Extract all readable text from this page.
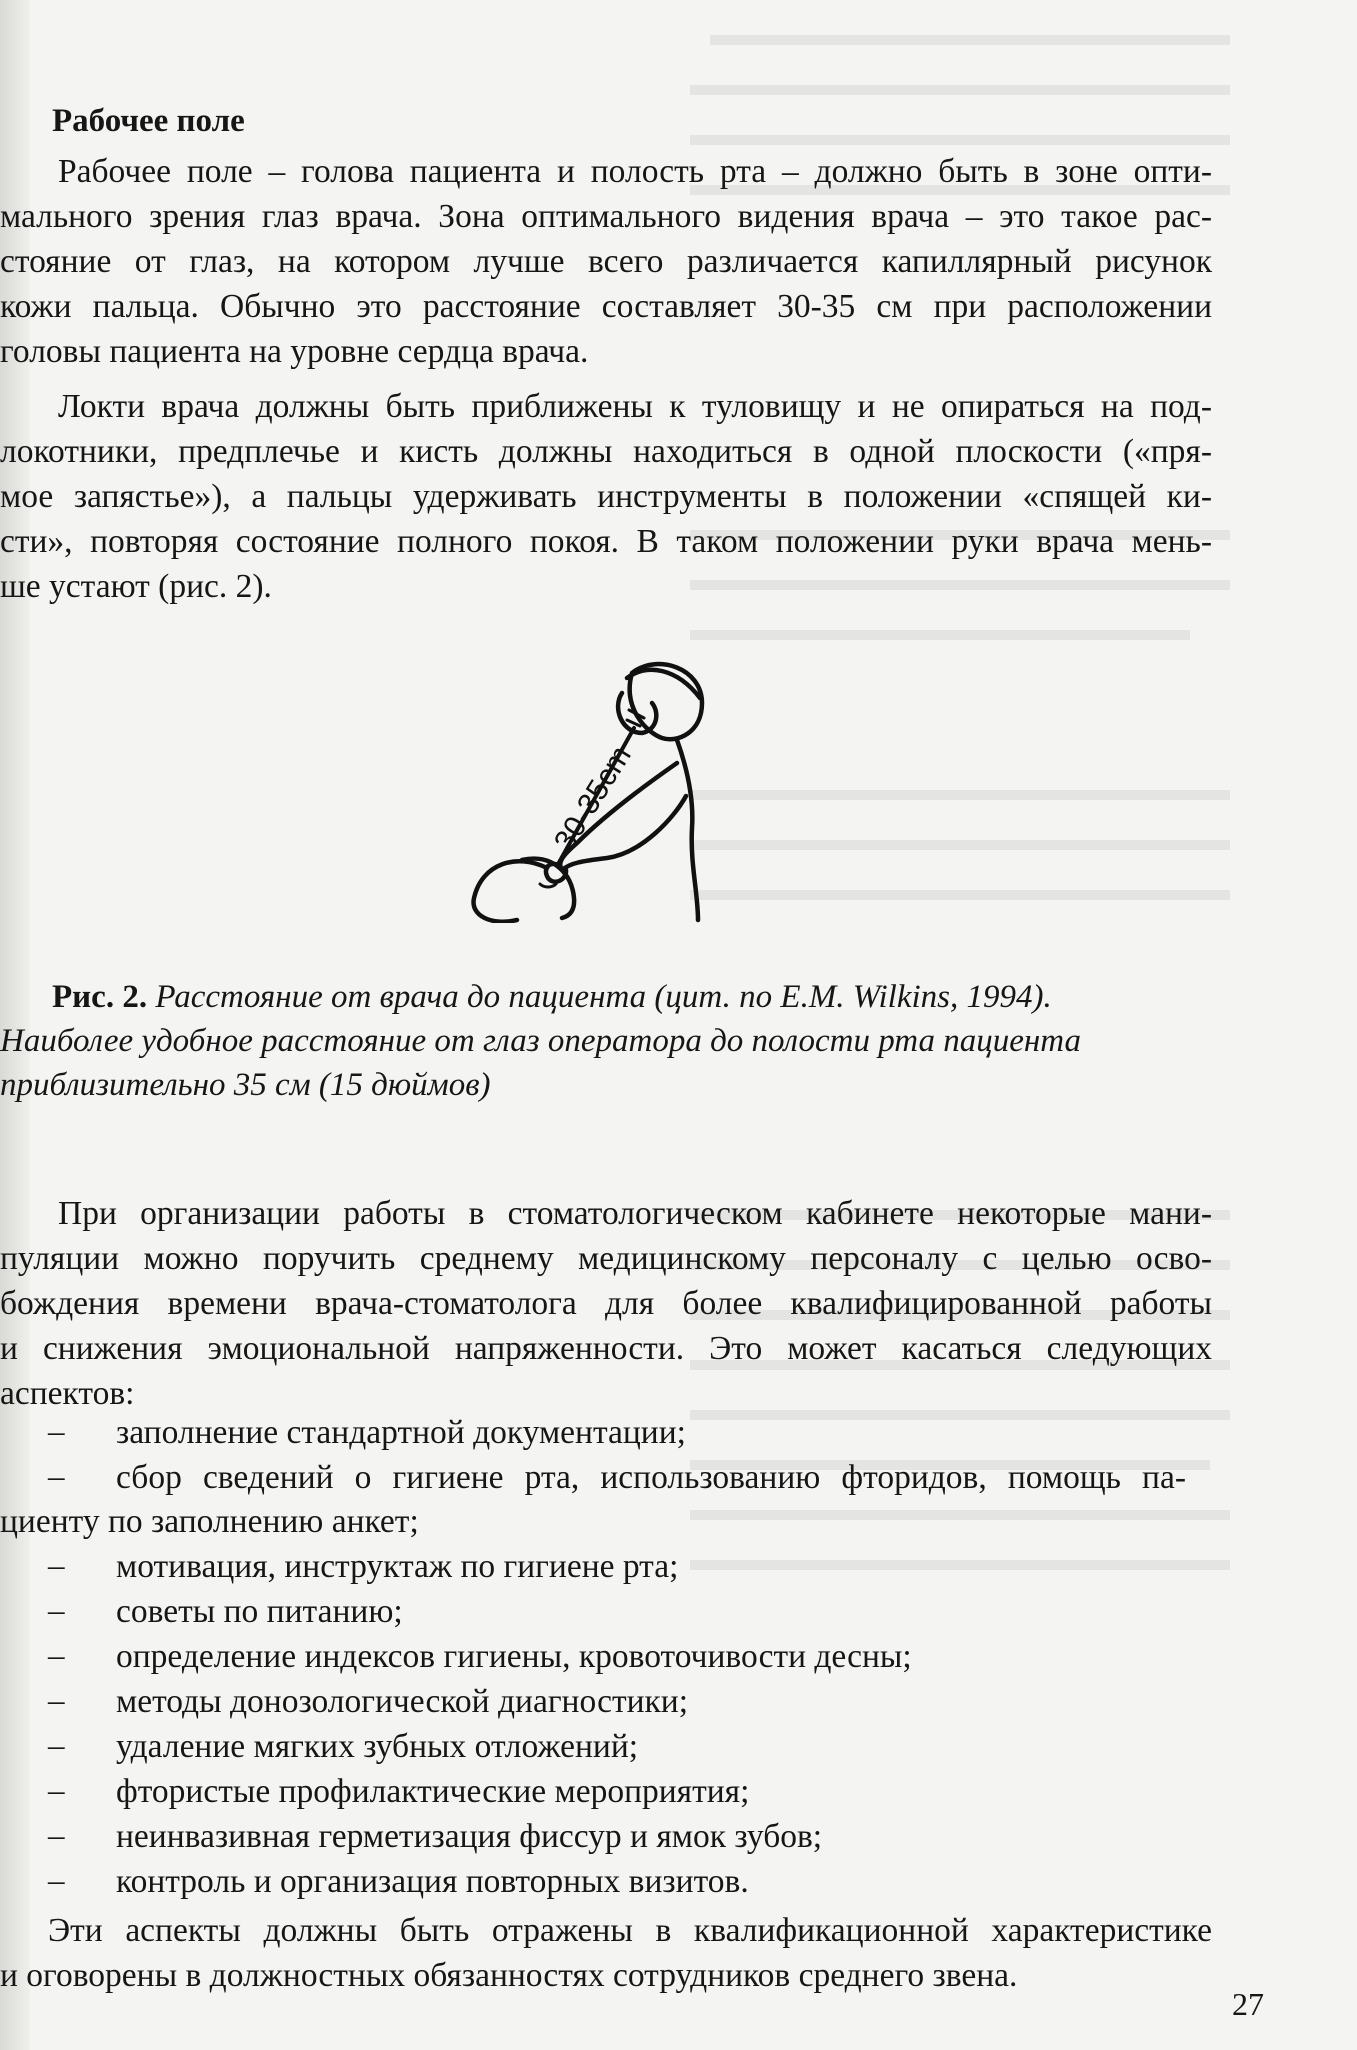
Рабочее поле

Рабочее поле – голова пациента и полость рта – должно быть в зоне опти-

мального зрения глаз врача. Зона оптимального видения врача – это такое рас-

стояние от глаз, на котором лучше всего различается капиллярный рисунок

кожи пальца. Обычно это расстояние составляет 30-35 см при расположении

головы пациента на уровне сердца врача.

Локти врача должны быть приближены к туловищу и не опираться на под-

локотники, предплечье и кисть должны находиться в одной плоскости («пря-

мое запястье»), а пальцы удерживать инструменты в положении «спящей ки-

сти», повторяя состояние полного покоя. В таком положении руки врача мень-

ше устают (рис. 2).

30-35cm
Рис. 2. Расстояние от врача до пациента (цит. по E.M. Wilkins, 1994).
Наиболее удобное расстояние от глаз оператора до полости рта пациента
приблизительно 35 см (15 дюймов)

При организации работы в стоматологическом кабинете некоторые мани-

пуляции можно поручить среднему медицинскому персоналу с целью осво-

бождения времени врача-стоматолога для более квалифицированной работы

и снижения эмоциональной напряженности. Это может касаться следующих

аспектов:

–	заполнение стандартной документации;
–	сбор сведений о гигиене рта, использованию фторидов, помощь па-
циенту по заполнению анкет;
–	мотивация, инструктаж по гигиене рта;
–	советы по питанию;
–	определение индексов гигиены, кровоточивости десны;
–	методы донозологической диагностики;
–	удаление мягких зубных отложений;
–	фтористые профилактические мероприятия;
–	неинвазивная герметизация фиссур и ямок зубов;
–	контроль и организация повторных визитов.

Эти аспекты должны быть отражены в квалификационной характеристике

и оговорены в должностных обязанностях сотрудников среднего звена.

27
